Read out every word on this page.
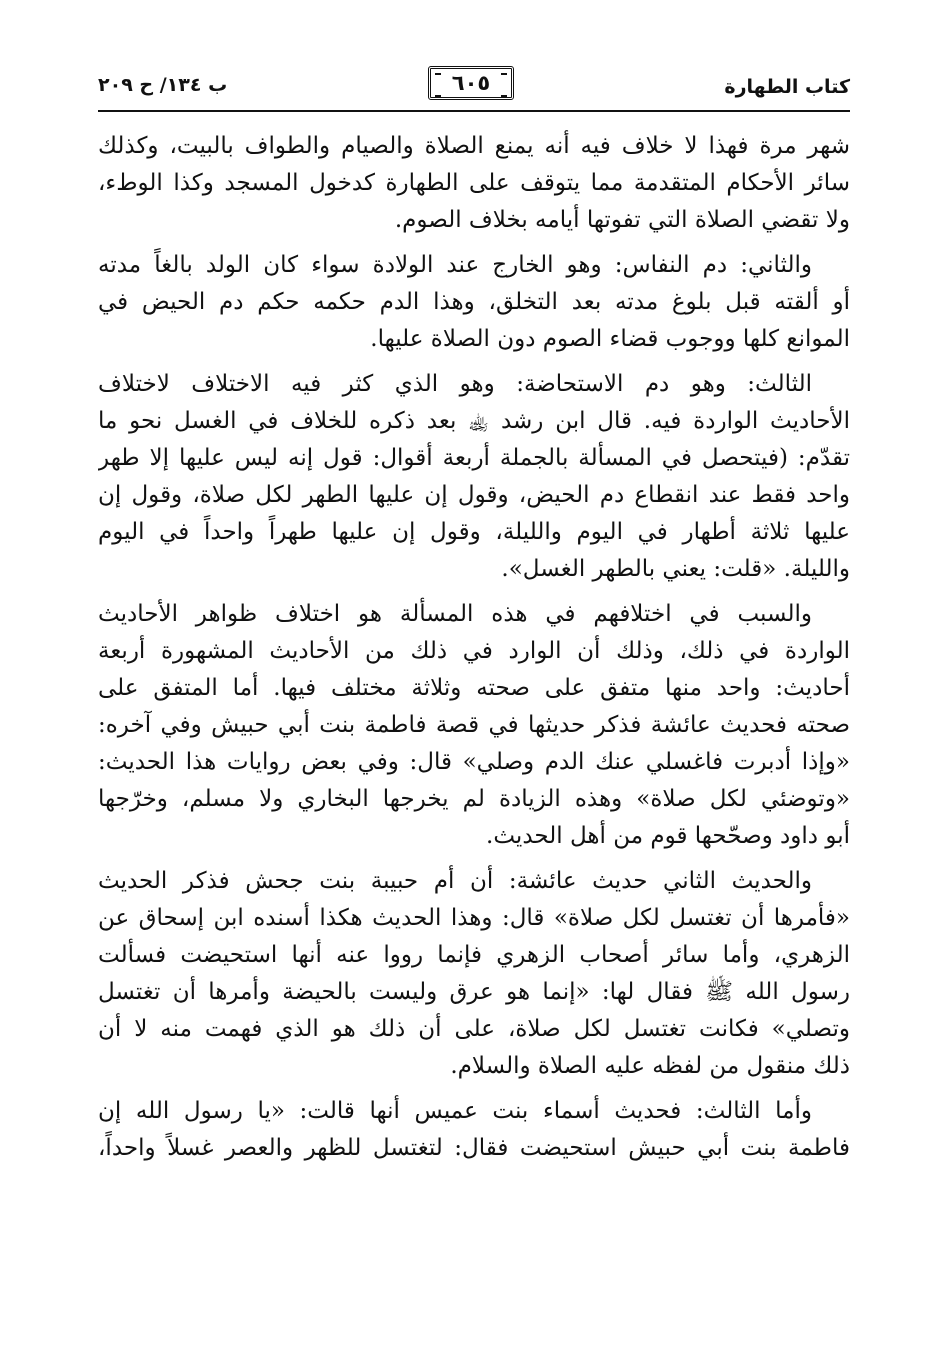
كتاب الطهارة
٦٠٥
ب ١٣٤/ ح ٢٠٩
شهر مرة فهذا لا خلاف فيه أنه يمنع الصلاة والصيام والطواف بالبيت، وكذلك
سائر الأحكام المتقدمة مما يتوقف على الطهارة كدخول المسجد وكذا الوطء،
ولا تقضي الصلاة التي تفوتها أيامه بخلاف الصوم.
والثاني: دم النفاس: وهو الخارج عند الولادة سواء كان الولد بالغاً مدته
أو ألقته قبل بلوغ مدته بعد التخلق، وهذا الدم حكمه حكم دم الحيض في
الموانع كلها ووجوب قضاء الصوم دون الصلاة عليها.
الثالث: وهو دم الاستحاضة: وهو الذي كثر فيه الاختلاف لاختلاف
الأحاديث الواردة فيه. قال ابن رشد ﵀ بعد ذكره للخلاف في الغسل نحو ما
تقدّم: (فيتحصل في المسألة بالجملة أربعة أقوال: قول إنه ليس عليها إلا طهر
واحد فقط عند انقطاع دم الحيض، وقول إن عليها الطهر لكل صلاة، وقول إن
عليها ثلاثة أطهار في اليوم والليلة، وقول إن عليها طهراً واحداً في اليوم
والليلة. «قلت: يعني بالطهر الغسل».
والسبب في اختلافهم في هذه المسألة هو اختلاف ظواهر الأحاديث
الواردة في ذلك، وذلك أن الوارد في ذلك من الأحاديث المشهورة أربعة
أحاديث: واحد منها متفق على صحته وثلاثة مختلف فيها. أما المتفق على
صحته فحديث عائشة فذكر حديثها في قصة فاطمة بنت أبي حبيش وفي آخره:
«وإذا أدبرت فاغسلي عنك الدم وصلي» قال: وفي بعض روايات هذا الحديث:
«وتوضئي لكل صلاة» وهذه الزيادة لم يخرجها البخاري ولا مسلم، وخرّجها
أبو داود وصحّحها قوم من أهل الحديث.
والحديث الثاني حديث عائشة: أن أم حبيبة بنت جحش فذكر الحديث
«فأمرها أن تغتسل لكل صلاة» قال: وهذا الحديث هكذا أسنده ابن إسحاق عن
الزهري، وأما سائر أصحاب الزهري فإنما رووا عنه أنها استحيضت فسألت
رسول الله ﷺ فقال لها: «إنما هو عرق وليست بالحيضة وأمرها أن تغتسل
وتصلي» فكانت تغتسل لكل صلاة، على أن ذلك هو الذي فهمت منه لا أن
ذلك منقول من لفظه عليه الصلاة والسلام.
وأما الثالث: فحديث أسماء بنت عميس أنها قالت: «يا رسول الله إن
فاطمة بنت أبي حبيش استحيضت فقال: لتغتسل للظهر والعصر غسلاً واحداً،
